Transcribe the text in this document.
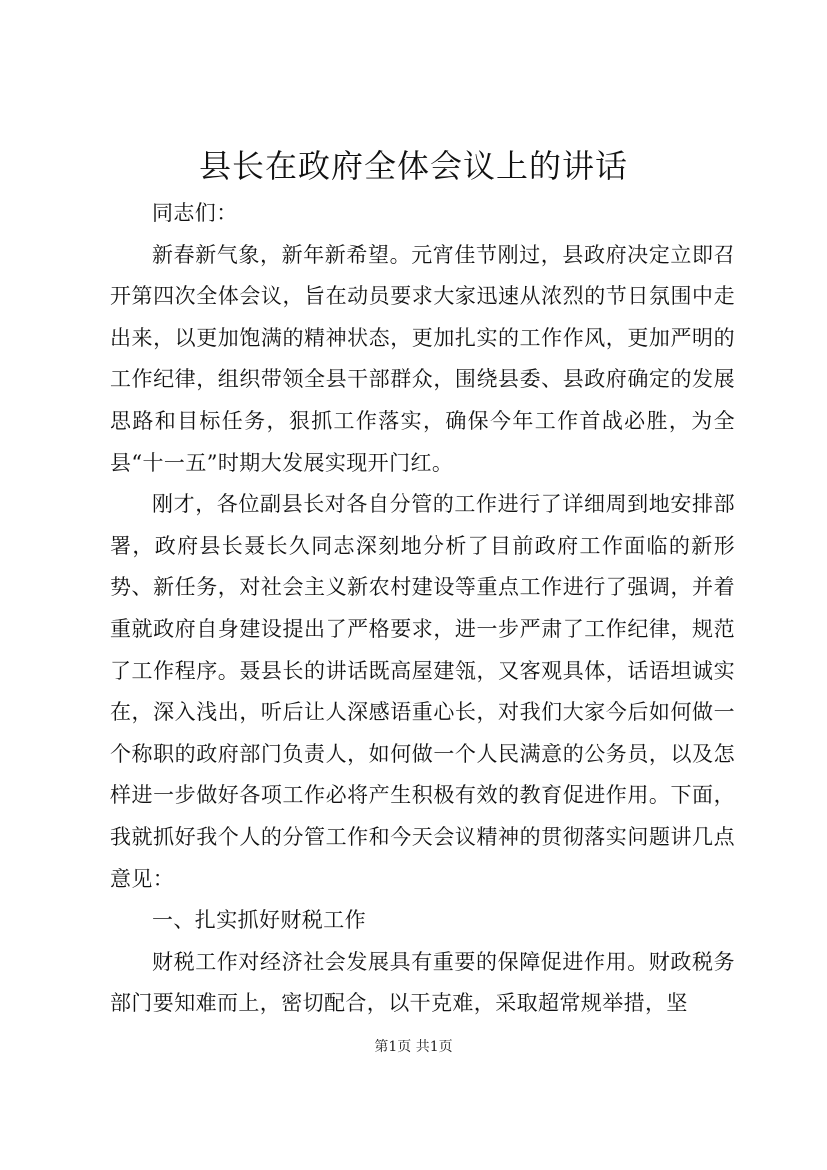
县长在政府全体会议上的讲话

同志们：

新春新气象，新年新希望。元宵佳节刚过，县政府决定立即召开第四次全体会议，旨在动员要求大家迅速从浓烈的节日氛围中走出来，以更加饱满的精神状态，更加扎实的工作作风，更加严明的工作纪律，组织带领全县干部群众，围绕县委、县政府确定的发展思路和目标任务，狠抓工作落实，确保今年工作首战必胜，为全县“十一五”时期大发展实现开门红。

刚才，各位副县长对各自分管的工作进行了详细周到地安排部署，政府县长聂长久同志深刻地分析了目前政府工作面临的新形势、新任务，对社会主义新农村建设等重点工作进行了强调，并着重就政府自身建设提出了严格要求，进一步严肃了工作纪律，规范了工作程序。聂县长的讲话既高屋建瓴，又客观具体，话语坦诚实在，深入浅出，听后让人深感语重心长，对我们大家今后如何做一个称职的政府部门负责人，如何做一个人民满意的公务员，以及怎样进一步做好各项工作必将产生积极有效的教育促进作用。下面，我就抓好我个人的分管工作和今天会议精神的贯彻落实问题讲几点意见：

一、扎实抓好财税工作

财税工作对经济社会发展具有重要的保障促进作用。财政税务部门要知难而上，密切配合，以干克难，采取超常规举措，坚

第1页 共1页
